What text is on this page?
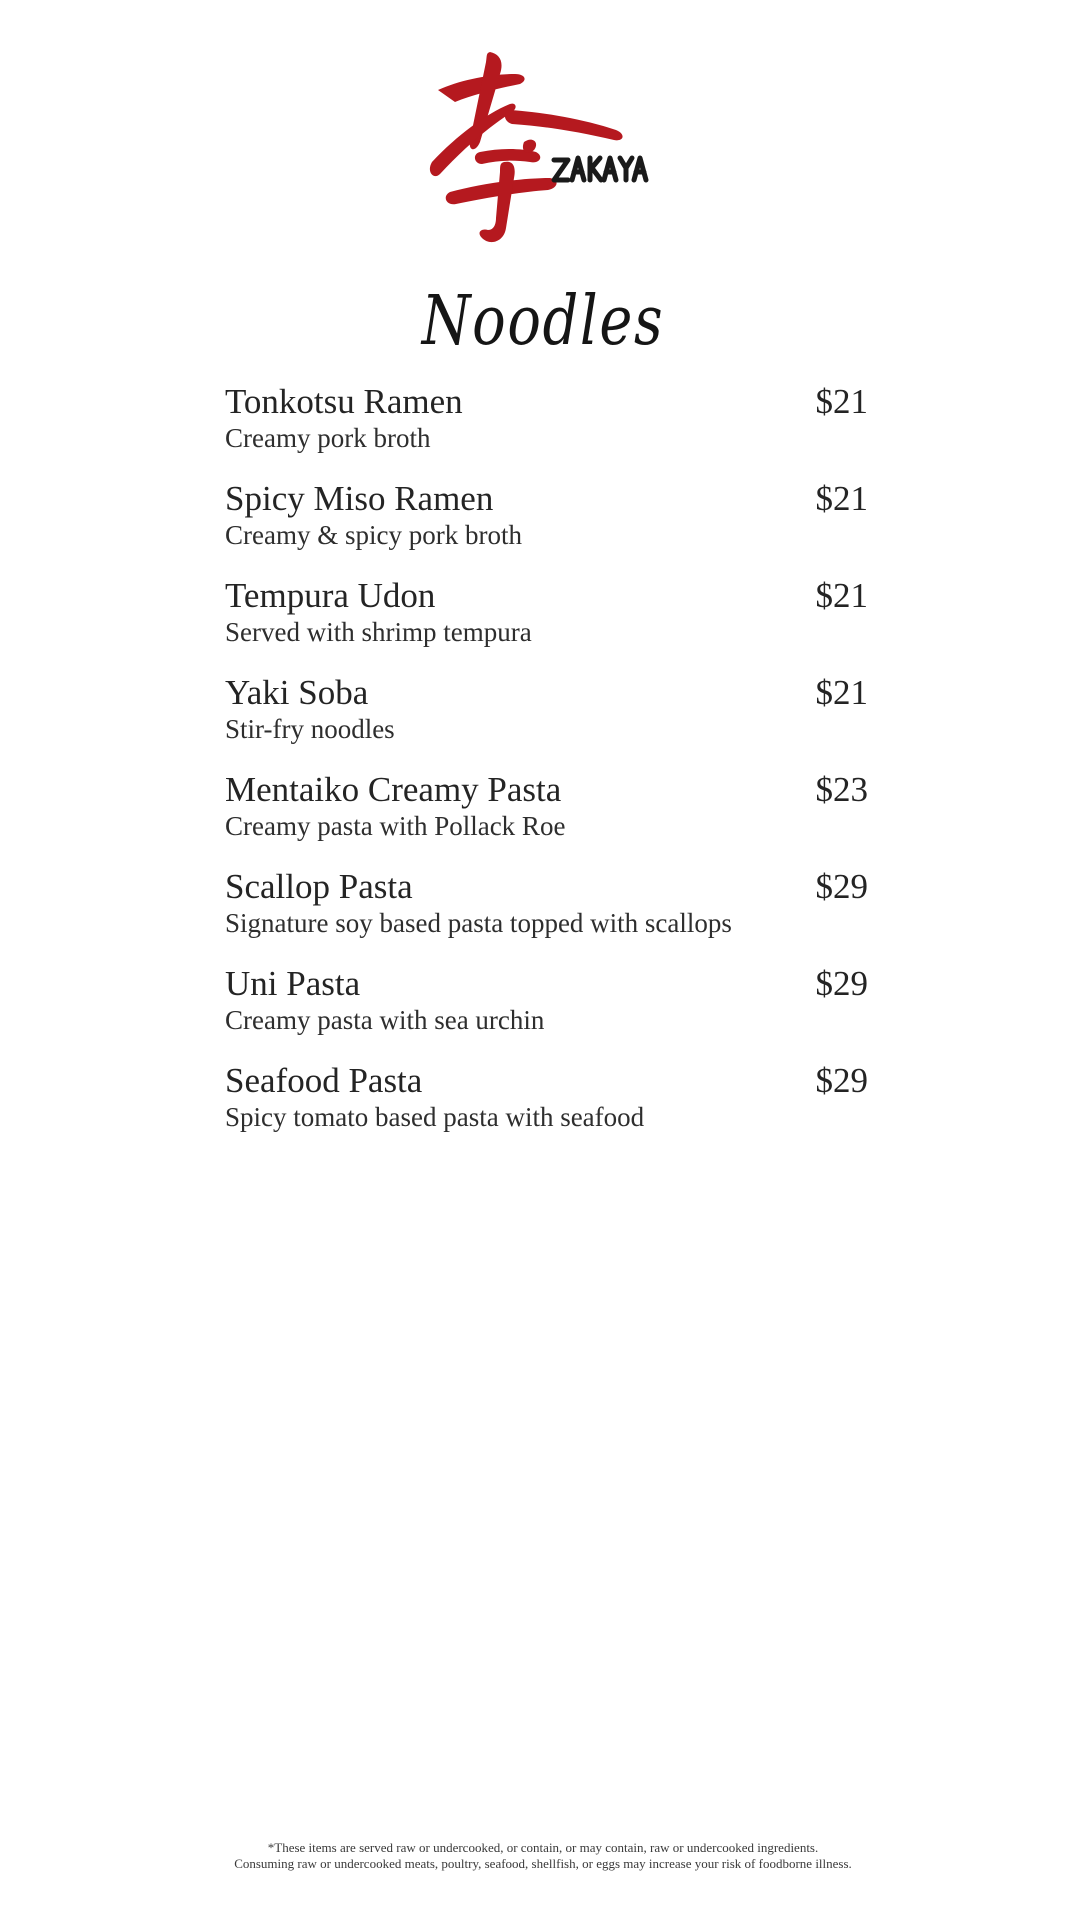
Noodles
Tonkotsu Ramen	$21
Creamy pork broth
Spicy Miso Ramen	$21
Creamy & spicy pork broth
Tempura Udon	$21
Served with shrimp tempura
Yaki Soba	$21
Stir-fry noodles
Mentaiko Creamy Pasta	$23
Creamy pasta with Pollack Roe
Scallop Pasta	$29
Signature soy based pasta topped with scallops
Uni Pasta	$29
Creamy pasta with sea urchin
Seafood Pasta	$29
Spicy tomato based pasta with seafood
*These items are served raw or undercooked, or contain, or may contain, raw or undercooked ingredients.
Consuming raw or undercooked meats, poultry, seafood, shellfish, or eggs may increase your risk of foodborne illness.
